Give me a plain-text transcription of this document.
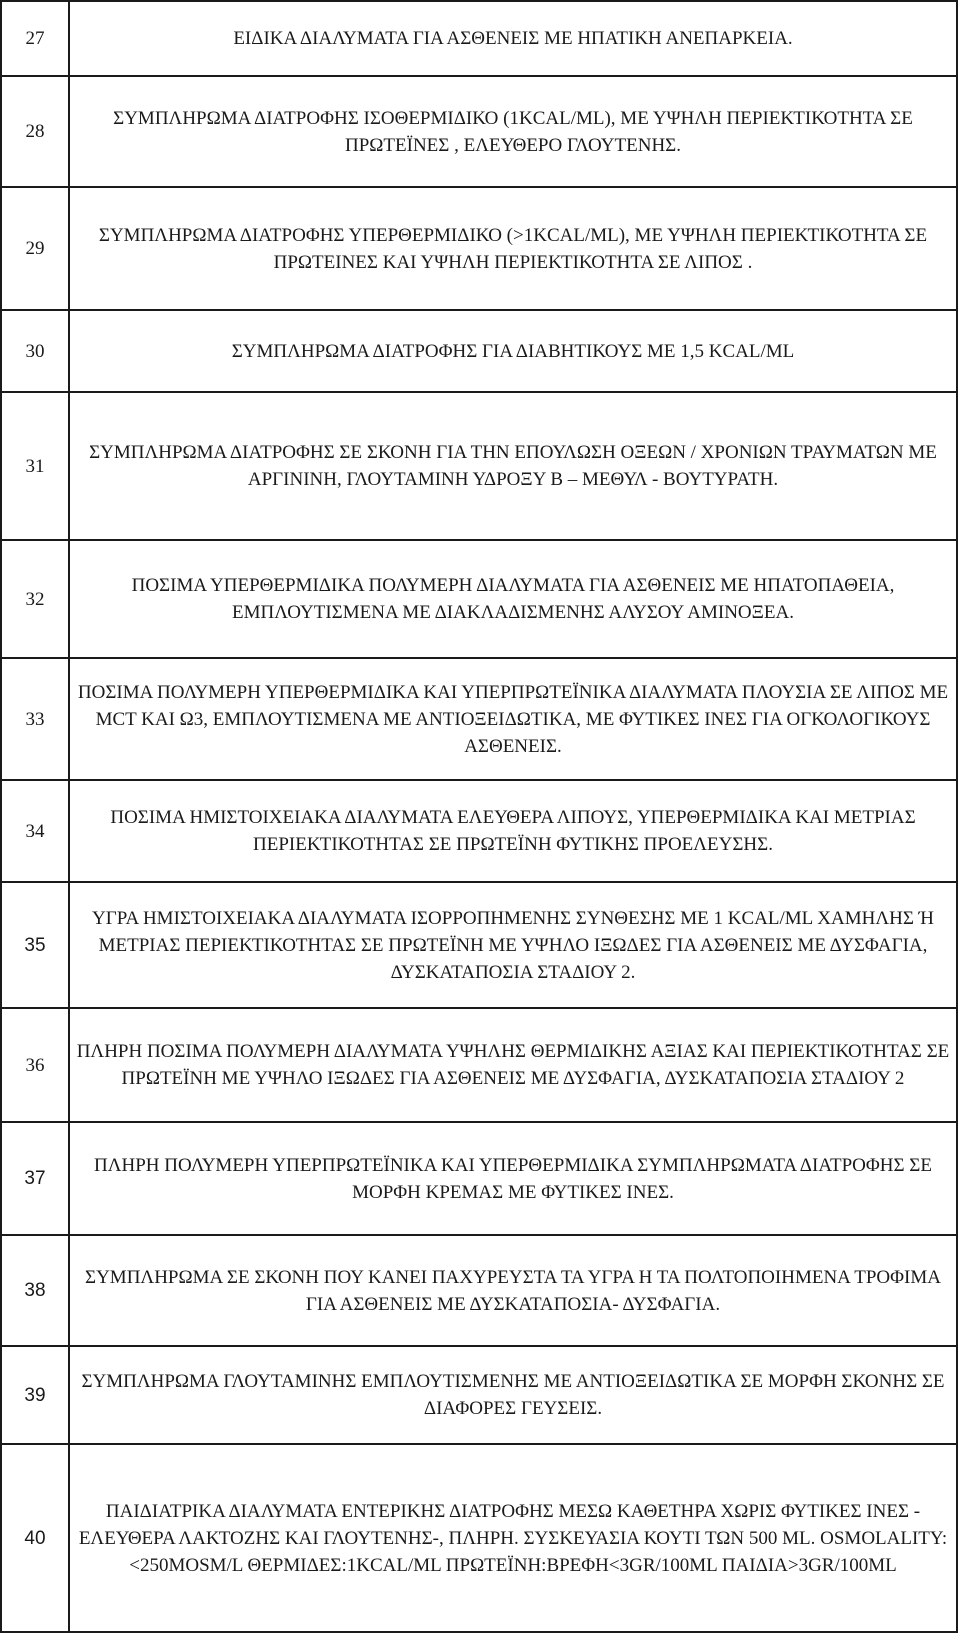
27	ΕΙΔΙΚΑ ΔΙΑΛΥΜΑΤΑ ΓΙΑ ΑΣΘΕΝΕΙΣ ΜΕ ΗΠΑΤΙΚΗ ΑΝΕΠΑΡΚΕΙΑ.
28	ΣΥΜΠΛΗΡΩΜΑ ΔΙΑΤΡΟΦΗΣ ΙΣΟΘΕΡΜΙΔΙΚΟ (1KCAL/ML), ΜΕ ΥΨΗΛΗ ΠΕΡΙΕΚΤΙΚΟΤΗΤΑ ΣΕ ΠΡΩΤΕΪΝΕΣ , ΕΛΕΥΘΕΡΟ ΓΛΟΥΤΕΝΗΣ.
29	ΣΥΜΠΛΗΡΩΜΑ ΔΙΑΤΡΟΦΗΣ ΥΠΕΡΘΕΡΜΙΔΙΚΟ (>1KCAL/ML), ΜΕ ΥΨΗΛΗ ΠΕΡΙΕΚΤΙΚΟΤΗΤΑ ΣΕ ΠΡΩΤΕΙΝΕΣ ΚΑΙ ΥΨΗΛΗ ΠΕΡΙΕΚΤΙΚΟΤΗΤΑ ΣΕ ΛΙΠΟΣ .
30	ΣΥΜΠΛΗΡΩΜΑ ΔΙΑΤΡΟΦΗΣ ΓΙΑ ΔΙΑΒΗΤΙΚΟΥΣ ΜΕ 1,5 KCAL/ML
31	ΣΥΜΠΛΗΡΩΜΑ ΔΙΑΤΡΟΦΗΣ ΣΕ ΣΚΟΝΗ ΓΙΑ ΤΗΝ ΕΠΟΥΛΩΣΗ ΟΞΕΩΝ / ΧΡΟΝΙΩΝ ΤΡΑΥΜΑΤΩΝ ΜΕ ΑΡΓΙΝΙΝΗ, ΓΛΟΥΤΑΜΙΝΗ ΥΔΡΟΞΥ Β – ΜΕΘΥΛ - ΒΟΥΤΥΡΑΤΗ.
32	ΠΟΣΙΜΑ ΥΠΕΡΘΕΡΜΙΔΙΚΑ ΠΟΛΥΜΕΡΗ ΔΙΑΛΥΜΑΤΑ ΓΙΑ ΑΣΘΕΝΕΙΣ ΜΕ ΗΠΑΤΟΠΑΘΕΙΑ, ΕΜΠΛΟΥΤΙΣΜΕΝΑ ΜΕ ΔΙΑΚΛΑΔΙΣΜΕΝΗΣ ΑΛΥΣΟΥ ΑΜΙΝΟΞΕΑ.
33	ΠΟΣΙΜΑ ΠΟΛΥΜΕΡΗ ΥΠΕΡΘΕΡΜΙΔΙΚΑ ΚΑΙ ΥΠΕΡΠΡΩΤΕΪΝΙΚΑ ΔΙΑΛΥΜΑΤΑ ΠΛΟΥΣΙΑ ΣΕ ΛΙΠΟΣ ΜΕ MCT ΚΑΙ Ω3, ΕΜΠΛΟΥΤΙΣΜΕΝΑ ΜΕ ΑΝΤΙΟΞΕΙΔΩΤΙΚΑ, ΜΕ ΦΥΤΙΚΕΣ ΙΝΕΣ ΓΙΑ ΟΓΚΟΛΟΓΙΚΟΥΣ ΑΣΘΕΝΕΙΣ.
34	ΠΟΣΙΜΑ ΗΜΙΣΤΟΙΧΕΙΑΚΑ ΔΙΑΛΥΜΑΤΑ ΕΛΕΥΘΕΡΑ ΛΙΠΟΥΣ, ΥΠΕΡΘΕΡΜΙΔΙΚΑ ΚΑΙ ΜΕΤΡΙΑΣ ΠΕΡΙΕΚΤΙΚΟΤΗΤΑΣ ΣΕ ΠΡΩΤΕΪΝΗ ΦΥΤΙΚΗΣ ΠΡΟΕΛΕΥΣΗΣ.
35	ΥΓΡΑ ΗΜΙΣΤΟΙΧΕΙΑΚΑ ΔΙΑΛΥΜΑΤΑ ΙΣΟΡΡΟΠΗΜΕΝΗΣ ΣΥΝΘΕΣΗΣ ΜΕ 1 KCAL/ML ΧΑΜΗΛΗΣ Ή ΜΕΤΡΙΑΣ ΠΕΡΙΕΚΤΙΚΟΤΗΤΑΣ ΣΕ ΠΡΩΤΕΪΝΗ ΜΕ ΥΨΗΛΟ ΙΞΩΔΕΣ ΓΙΑ ΑΣΘΕΝΕΙΣ ΜΕ ΔΥΣΦΑΓΙΑ, ΔΥΣΚΑΤΑΠΟΣΙΑ ΣΤΑΔΙΟΥ 2.
36	ΠΛΗΡΗ ΠΟΣΙΜΑ ΠΟΛΥΜΕΡΗ ΔΙΑΛΥΜΑΤΑ ΥΨΗΛΗΣ ΘΕΡΜΙΔΙΚΗΣ ΑΞΙΑΣ ΚΑΙ ΠΕΡΙΕΚΤΙΚΟΤΗΤΑΣ ΣΕ ΠΡΩΤΕΪΝΗ ΜΕ ΥΨΗΛΟ ΙΞΩΔΕΣ ΓΙΑ ΑΣΘΕΝΕΙΣ ΜΕ ΔΥΣΦΑΓΙΑ, ΔΥΣΚΑΤΑΠΟΣΙΑ ΣΤΑΔΙΟΥ 2
37	ΠΛΗΡΗ ΠΟΛΥΜΕΡΗ ΥΠΕΡΠΡΩΤΕΪΝΙΚΑ ΚΑΙ ΥΠΕΡΘΕΡΜΙΔΙΚΑ ΣΥΜΠΛΗΡΩΜΑΤΑ ΔΙΑΤΡΟΦΗΣ ΣΕ ΜΟΡΦΗ ΚΡΕΜΑΣ ΜΕ ΦΥΤΙΚΕΣ ΙΝΕΣ.
38	ΣΥΜΠΛΗΡΩΜΑ ΣΕ ΣΚΟΝΗ ΠΟΥ ΚΑΝΕΙ ΠΑΧΥΡΕΥΣΤΑ ΤΑ ΥΓΡΑ Η ΤΑ ΠΟΛΤΟΠΟΙΗΜΕΝΑ ΤΡΟΦΙΜΑ ΓΙΑ ΑΣΘΕΝΕΙΣ ΜΕ ΔΥΣΚΑΤΑΠΟΣΙΑ- ΔΥΣΦΑΓΙΑ.
39	ΣΥΜΠΛΗΡΩΜΑ ΓΛΟΥΤΑΜΙΝΗΣ ΕΜΠΛΟΥΤΙΣΜΕΝΗΣ ΜΕ ΑΝΤΙΟΞΕΙΔΩΤΙΚΑ ΣΕ ΜΟΡΦΗ ΣΚΟΝΗΣ ΣΕ ΔΙΑΦΟΡΕΣ ΓΕΥΣΕΙΣ.
40	ΠΑΙΔΙΑΤΡΙΚΑ ΔΙΑΛΥΜΑΤΑ ΕΝΤΕΡΙΚΗΣ ΔΙΑΤΡΟΦΗΣ ΜΕΣΩ ΚΑΘΕΤΗΡΑ ΧΩΡΙΣ ΦΥΤΙΚΕΣ ΙΝΕΣ - ΕΛΕΥΘΕΡΑ ΛΑΚΤΟΖΗΣ ΚΑΙ ΓΛΟΥΤΕΝΗΣ-, ΠΛΗΡΗ. ΣΥΣΚΕΥΑΣΙΑ ΚΟΥΤΙ ΤΩΝ 500 ML. OSMOLALITY:<250MOSM/L ΘΕΡΜΙΔΕΣ:1KCAL/ML ΠΡΩΤΕΪΝΗ:ΒΡΕΦΗ<3GR/100ML ΠΑΙΔΙΑ>3GR/100ML
